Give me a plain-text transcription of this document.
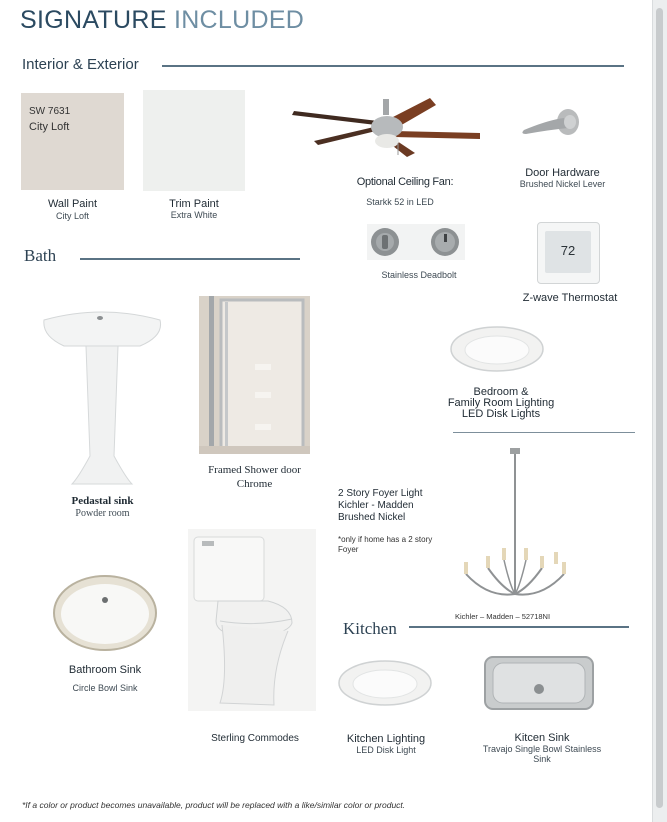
SIGNATURE INCLUDED
Interior & Exterior
SW 7631
City Loft
Wall Paint
City Loft
Trim Paint
Extra White
Optional Ceiling Fan:
Starkk 52 in LED
Door Hardware
Brushed Nickel Lever
Bath
Stainless Deadbolt
72
Z-wave Thermostat
Pedastal sink
Powder room
Framed Shower door
Chrome
Bedroom &
Family Room Lighting
LED Disk Lights
Kichler – Madden – 52718NI
2 Story Foyer Light
Kichler - Madden
Brushed Nickel
*only if home has a 2 story
Foyer
Kitchen
Bathroom Sink
Circle Bowl Sink
Sterling Commodes	Kitchen Lighting
LED Disk Light
Kitcen Sink
Travajo Single Bowl Stainless
Sink
*If a color or product becomes unavailable, product will be replaced with a like/similar color or product.
